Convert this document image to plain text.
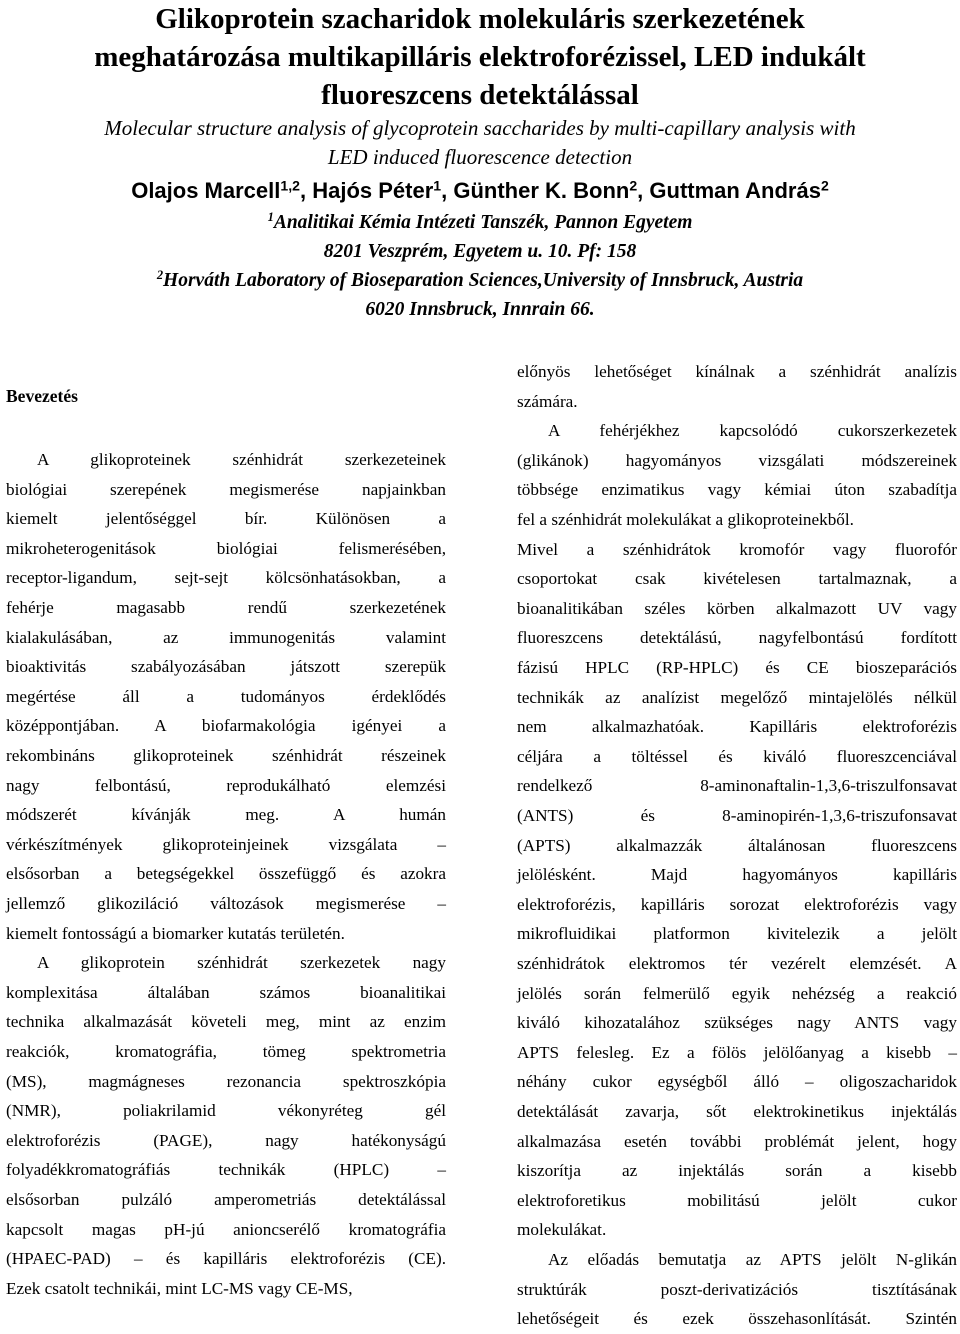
Glikoprotein szacharidok molekuláris szerkezetének
meghatározása multikapilláris elektroforézissel, LED indukált
fluoreszcens detektálással

Molecular structure analysis of glycoprotein saccharides by multi-capillary analysis with
LED induced fluorescence detection

Olajos Marcell$^{1,2}$, Hajós Péter$^1$, Günther K. Bonn$^2$, Guttman András$^2$

$^1$Analitikai Kémia Intézeti Tanszék, Pannon Egyetem
8201 Veszprém, Egyetem u. 10. Pf: 158

$^2$Horváth Laboratory of Bioseparation Sciences,University of Innsbruck, Austria
6020 Innsbruck, Innrain 66.

Bevezetés
A glikoproteinek szénhidrát szerkezeteinek
biológiai szerepének megismerése napjainkban
kiemelt jelentőséggel bír. Különösen a
mikroheterogenitások biológiai felismerésében,
receptor-ligandum, sejt-sejt kölcsönhatásokban, a
fehérje magasabb rendű szerkezetének
kialakulásában, az immunogenitás valamint
bioaktivitás szabályozásában játszott szerepük
megértése áll a tudományos érdeklődés
középpontjában. A biofarmakológia igényei a
rekombináns glikoproteinek szénhidrát részeinek
nagy felbontású, reprodukálható elemzési
módszerét kívánják meg. A humán
vérkészítmények glikoproteinjeinek vizsgálata –
elsősorban a betegségekkel összefüggő és azokra
jellemző glikoziláció változások megismerése –
kiemelt fontosságú a biomarker kutatás területén.
A glikoprotein szénhidrát szerkezetek nagy
komplexitása általában számos bioanalitikai
technika alkalmazását követeli meg, mint az enzim
reakciók, kromatográfia, tömeg spektrometria
(MS), magmágneses rezonancia spektroszkópia
(NMR), poliakrilamid vékonyréteg gél
elektroforézis (PAGE), nagy hatékonyságú
folyadékkromatográfiás technikák (HPLC) –
elsősorban pulzáló amperometriás detektálással
kapcsolt magas pH-jú anioncserélő kromatográfia
(HPAEC-PAD) – és kapilláris elektroforézis (CE).
Ezek csatolt technikái, mint LC-MS vagy CE-MS,
előnyös lehetőséget kínálnak a szénhidrát analízis
számára.
A fehérjékhez kapcsolódó cukorszerkezetek
(glikánok) hagyományos vizsgálati módszereinek
többsége enzimatikus vagy kémiai úton szabadítja
fel a szénhidrát molekulákat a glikoproteinekből.
Mivel a szénhidrátok kromofór vagy fluorofór
csoportokat csak kivételesen tartalmaznak, a
bioanalitikában széles körben alkalmazott UV vagy
fluoreszcens detektálású, nagyfelbontású fordított
fázisú HPLC (RP-HPLC) és CE bioszeparációs
technikák az analízist megelőző mintajelölés nélkül
nem alkalmazhatóak. Kapilláris elektroforézis
céljára a töltéssel és kiváló fluoreszcenciával
rendelkező 8-aminonaftalin-1,3,6-triszulfonsavat
(ANTS) és 8-aminopirén-1,3,6-triszufonsavat
(APTS) alkalmazzák általánosan fluoreszcens
jelölésként. Majd hagyományos kapilláris
elektroforézis, kapilláris sorozat elektroforézis vagy
mikrofluidikai platformon kivitelezik a jelölt
szénhidrátok elektromos tér vezérelt elemzését. A
jelölés során felmerülő egyik nehézség a reakció
kiváló kihozatalához szükséges nagy ANTS vagy
APTS felesleg. Ez a fölös jelölőanyag a kisebb –
néhány cukor egységből álló – oligoszacharidok
detektálását zavarja, sőt elektrokinetikus injektálás
alkalmazása esetén további problémát jelent, hogy
kiszorítja az injektálás során a kisebb
elektroforetikus mobilitású jelölt cukor
molekulákat.
Az előadás bemutatja az APTS jelölt N-glikán
struktúrák poszt-derivatizációs tisztításának
lehetőségeit és ezek összehasonlítását. Szintén
